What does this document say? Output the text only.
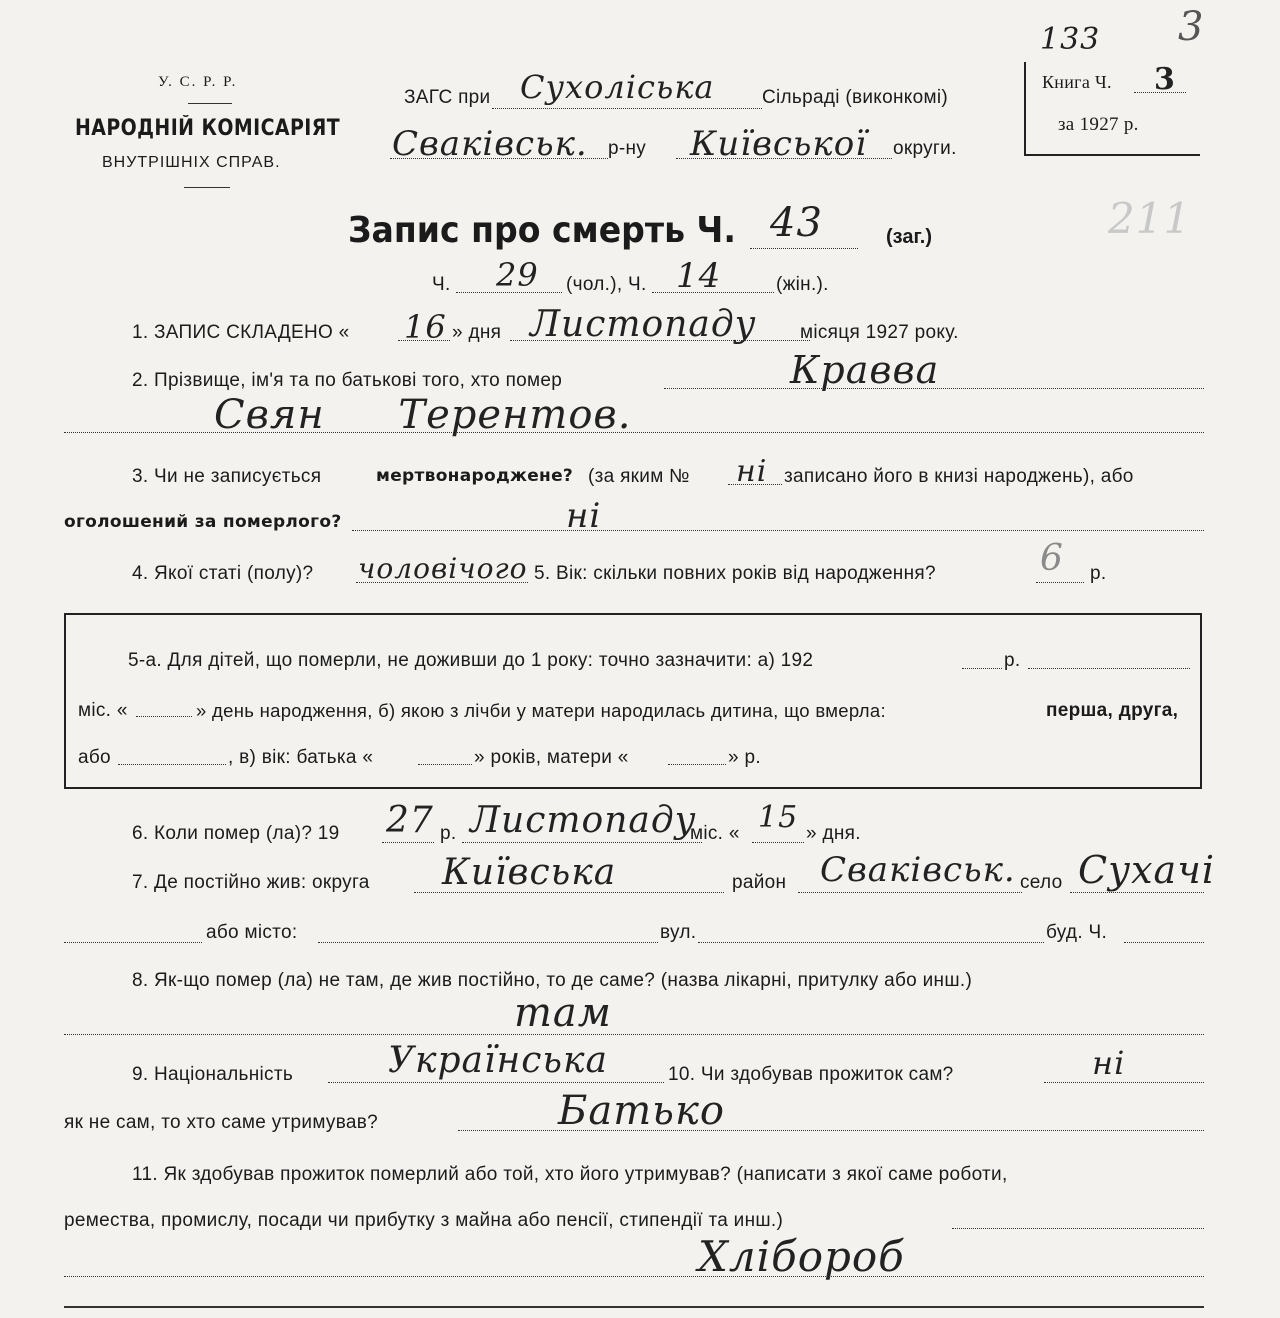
133 3
Книга Ч. 3
за 1927 р.
211
У. С. Р. Р.
НАРОДНІЙ КОМІСАРІЯТ
ВНУТРІШНІХ СПРАВ.
ЗАГС при Сухоліська	Сільраді (виконкомі)
Сваківськ. р-ну Київської округи.
Запис про смерть Ч. 43	(заг.)
Ч. 29 (чол.), Ч. 14	(жін.).
1. ЗАПИС СКЛАДЕНО « 16 » дня Листопаду місяця 1927 року.
2. Прізвище, ім'я та по батькові того, хто помер	Кравва
Свян Терентов.
3. Чи не записується	мертвонароджене? (за яким № ні записано його в книзі народжень), або
оголошений за померлого?	ні
4. Якої статі (полу)? чоловічого 5. Вік: скільки повних років від народження?	6 р.
5-а. Для дітей, що померли, не доживши до 1 року: точно зазначити: а) 192	р.
міс. «	» день народження, б) якою з лічби у матери народилась дитина, що вмерла:	перша, друга,
або	, в) вік: батька «	» років, матери «	» р.
6. Коли помер (ла)? 19 27 р. Листопаду
міс. « 15 » дня.
7. Де постійно жив: округа Київська	район Сваківськ. село Сухачі
або місто:	вул.	буд. Ч.
8. Як-що помер (ла) не там, де жив постійно, то де саме? (назва лікарні, притулку або инш.)
там
9. Національність	Українська	10. Чи здобував прожиток сам?	ні
як не сам, то хто саме утримував?	Батько
11. Як здобував прожиток померлий або той, хто його утримував? (написати з якої саме роботи,
ремества, промислу, посади чи прибутку з майна або пенсії, стипендії та инш.)
Хлібороб
